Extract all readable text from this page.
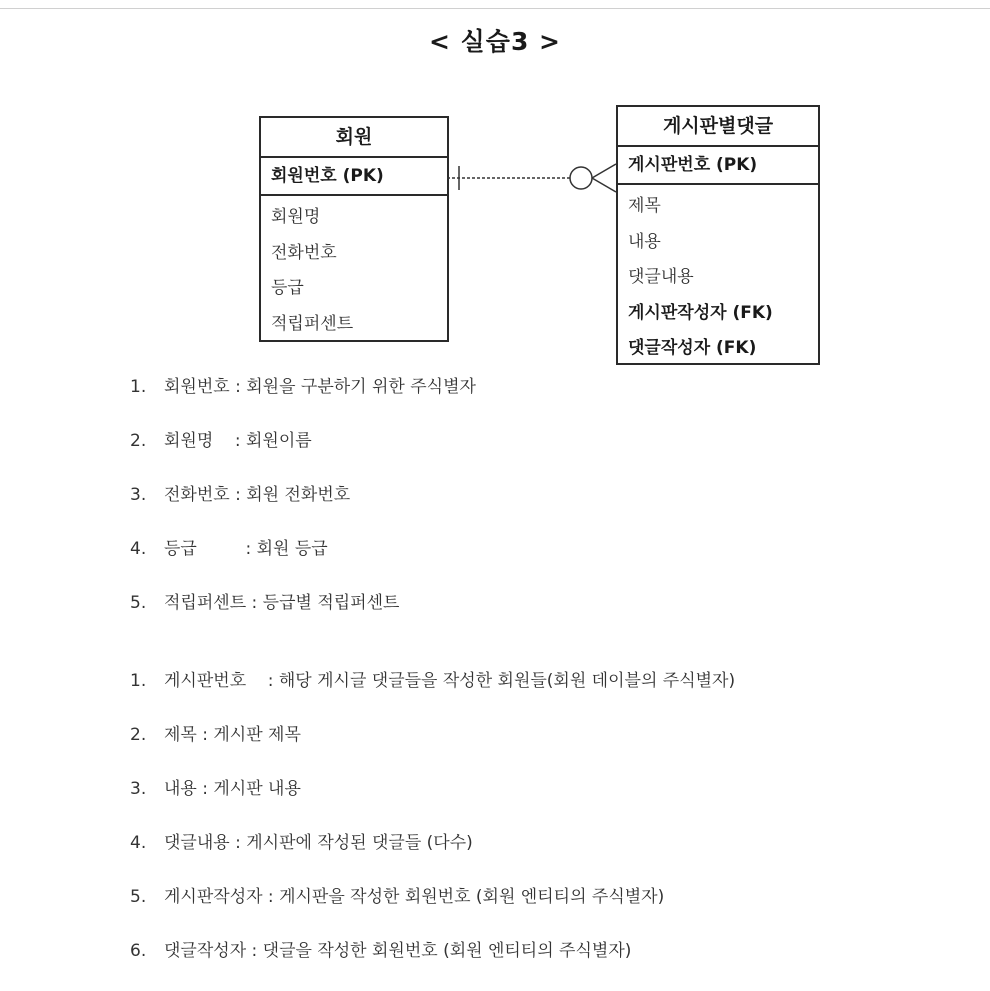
< 실습3 >
회원
회원번호 (PK)
회원명
전화번호
등급
적립퍼센트
게시판별댓글
게시판번호 (PK)
제목
내용
댓글내용
게시판작성자 (FK)
댓글작성자 (FK)
1. 회원번호 : 회원을 구분하기 위한 주식별자
2. 회원명    : 회원이름
3. 전화번호 : 회원 전화번호
4. 등급         : 회원 등급
5. 적립퍼센트 : 등급별 적립퍼센트
1. 게시판번호    : 해당 게시글 댓글들을 작성한 회원들(회원 데이블의 주식별자)
2. 제목 : 게시판 제목
3. 내용 : 게시판 내용
4. 댓글내용 : 게시판에 작성된 댓글들 (다수)
5. 게시판작성자 : 게시판을 작성한 회원번호 (회원 엔티티의 주식별자)
6. 댓글작성자 : 댓글을 작성한 회원번호 (회원 엔티티의 주식별자)
